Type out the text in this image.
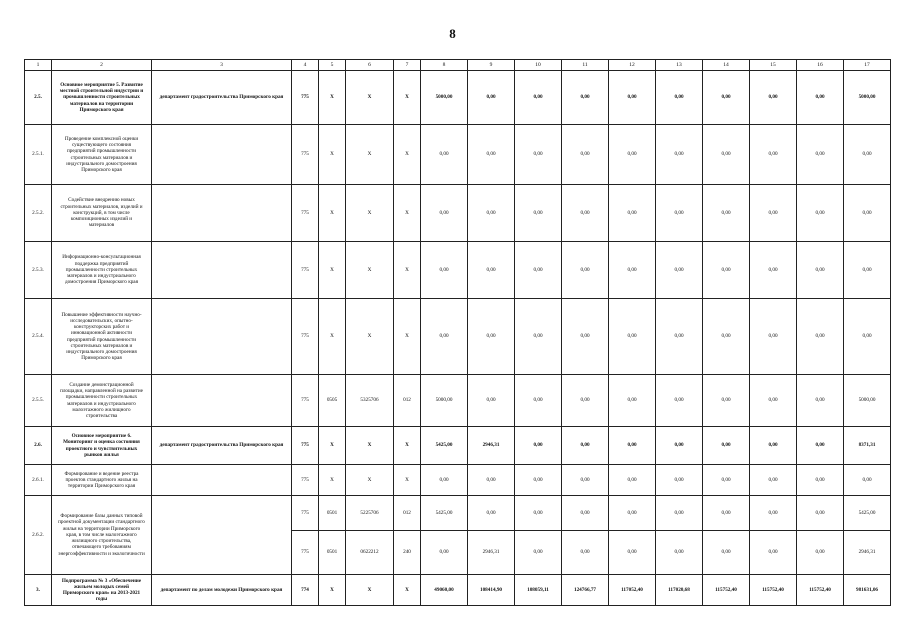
8
1	2	3	4	5	6	7	8	9	10	11	12	13	14	15	16	17
2.5.	Основное мероприятие 5. Развитие местной строительной индустрии и промышленности строительных материалов на территории Приморского края	департамент градостроительства Приморского края	775	X	X	X	5000,00	0,00	0,00	0,00	0,00	0,00	0,00	0,00	0,00	5000,00
2.5.1.	Проведение комплексной оценки существующего состояния предприятий промышленности строительных материалов и индустриального домостроения Приморского края		775	X	X	X	0,00	0,00	0,00	0,00	0,00	0,00	0,00	0,00	0,00	0,00
2.5.2.	Содействие внедрению новых строительных материалов, изделий и конструкций, в том числе композиционных изделий и материалов		775	X	X	X	0,00	0,00	0,00	0,00	0,00	0,00	0,00	0,00	0,00	0,00
2.5.3.	Информационно-консультационная поддержка предприятий промышленности строительных материалов и индустриального домостроения Приморского края		775	X	X	X	0,00	0,00	0,00	0,00	0,00	0,00	0,00	0,00	0,00	0,00
2.5.4.	Повышение эффективности научно-исследовательских, опытно-конструкторских работ и инновационной активности предприятий промышленности строительных материалов и индустриального домостроения Приморского края		775	X	X	X	0,00	0,00	0,00	0,00	0,00	0,00	0,00	0,00	0,00	0,00
2.5.5.	Создание демонстрационной площадки, направленной на развитие промышленности строительных материалов и индустриального малоэтажного жилищного строительства		775	0505	5325706	012	5000,00	0,00	0,00	0,00	0,00	0,00	0,00	0,00	0,00	5000,00
2.6.	Основное мероприятие 6. Мониторинг и оценка состояния проектного и чувствительных рынков жилья	департамент градостроительства Приморского края	775	X	X	X	5425,00	2946,31	0,00	0,00	0,00	0,00	0,00	0,00	0,00	8371,31
2.6.1.	Формирование и ведение реестра проектов стандартного жилья на территории Приморского края		775	X	X	X	0,00	0,00	0,00	0,00	0,00	0,00	0,00	0,00	0,00	0,00
2.6.2.	Формирование базы данных типовой проектной документации стандартного жилья на территории Приморского края, в том числе малоэтажного жилищного строительства, отвечающего требованиям энергоэффективности и экологичности		775	0501	5225706	012	5425,00	0,00	0,00	0,00	0,00	0,00	0,00	0,00	0,00	5425,00
			775	0501	0622212	240	0,00	2946,31	0,00	0,00	0,00	0,00	0,00	0,00	0,00	2946,31
3.	Подпрограмма № 3 «Обеспечение жильем молодых семей Приморского края» на 2013-2021 годы	департамент по делам молодежи Приморского края	774	X	X	X	49060,00	108414,90	108059,11	124766,77	117052,40	117020,68	115752,40	115752,40	115752,40	981631,06
